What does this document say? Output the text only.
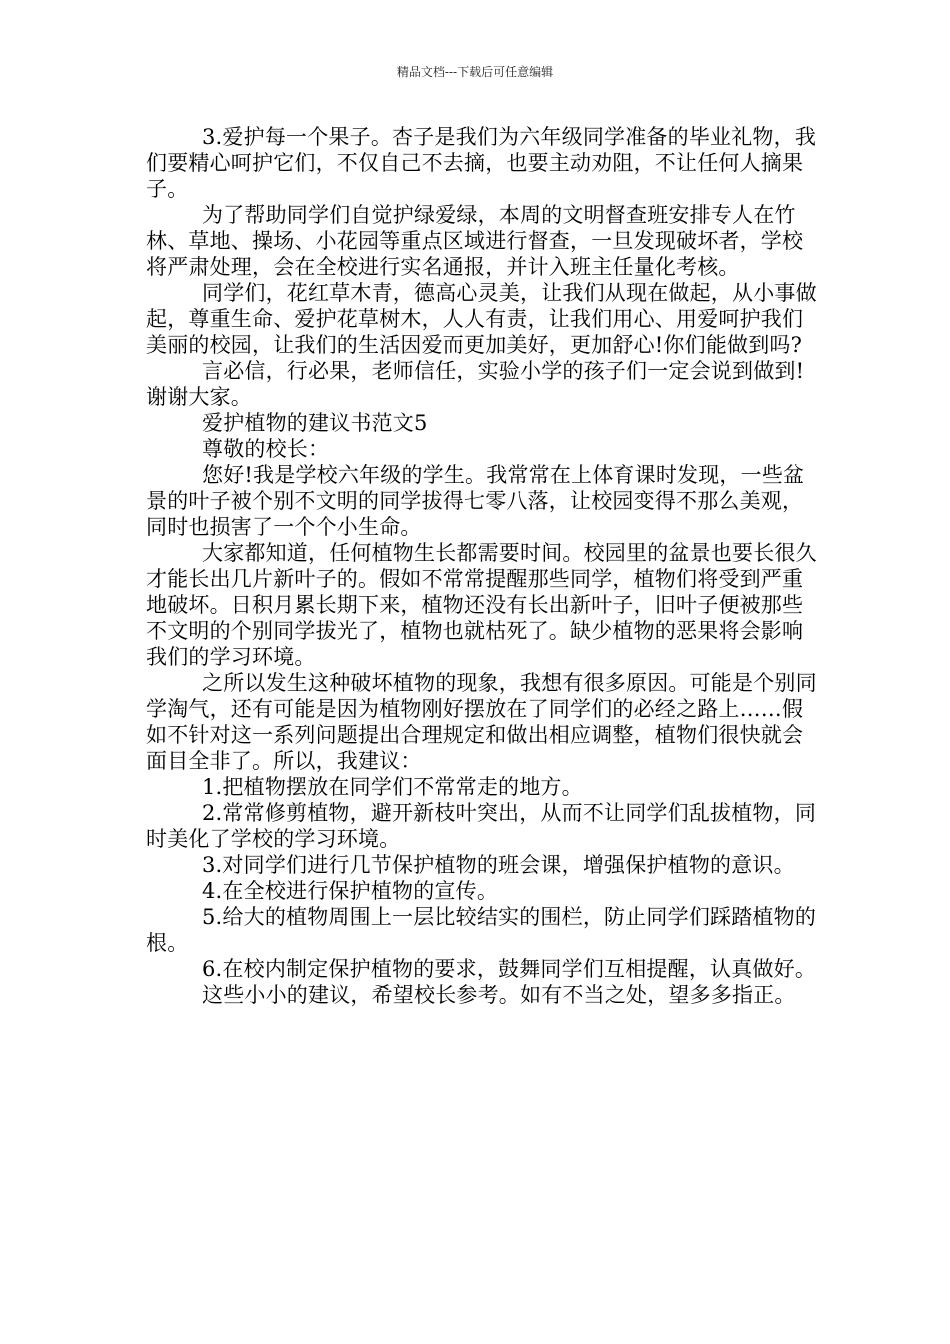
精品文档---下载后可任意编辑

3.爱护每一个果子。杏子是我们为六年级同学准备的毕业礼物，我们要精心呵护它们，不仅自己不去摘，也要主动劝阻，不让任何人摘果子。

为了帮助同学们自觉护绿爱绿，本周的文明督查班安排专人在竹林、草地、操场、小花园等重点区域进行督查，一旦发现破坏者，学校将严肃处理，会在全校进行实名通报，并计入班主任量化考核。

同学们，花红草木青，德高心灵美，让我们从现在做起，从小事做起，尊重生命、爱护花草树木，人人有责，让我们用心、用爱呵护我们美丽的校园，让我们的生活因爱而更加美好，更加舒心!你们能做到吗?

言必信，行必果，老师信任，实验小学的孩子们一定会说到做到!谢谢大家。

爱护植物的建议书范文5

尊敬的校长：

您好!我是学校六年级的学生。我常常在上体育课时发现，一些盆景的叶子被个别不文明的同学拔得七零八落，让校园变得不那么美观，同时也损害了一个个小生命。

大家都知道，任何植物生长都需要时间。校园里的盆景也要长很久才能长出几片新叶子的。假如不常常提醒那些同学，植物们将受到严重地破坏。日积月累长期下来，植物还没有长出新叶子，旧叶子便被那些不文明的个别同学拔光了，植物也就枯死了。缺少植物的恶果将会影响我们的学习环境。

之所以发生这种破坏植物的现象，我想有很多原因。可能是个别同学淘气，还有可能是因为植物刚好摆放在了同学们的必经之路上……假如不针对这一系列问题提出合理规定和做出相应调整，植物们很快就会面目全非了。所以，我建议：

1.把植物摆放在同学们不常常走的地方。

2.常常修剪植物，避开新枝叶突出，从而不让同学们乱拔植物，同时美化了学校的学习环境。

3.对同学们进行几节保护植物的班会课，增强保护植物的意识。

4.在全校进行保护植物的宣传。

5.给大的植物周围上一层比较结实的围栏，防止同学们踩踏植物的根。

6.在校内制定保护植物的要求，鼓舞同学们互相提醒，认真做好。

这些小小的建议，希望校长参考。如有不当之处，望多多指正。
